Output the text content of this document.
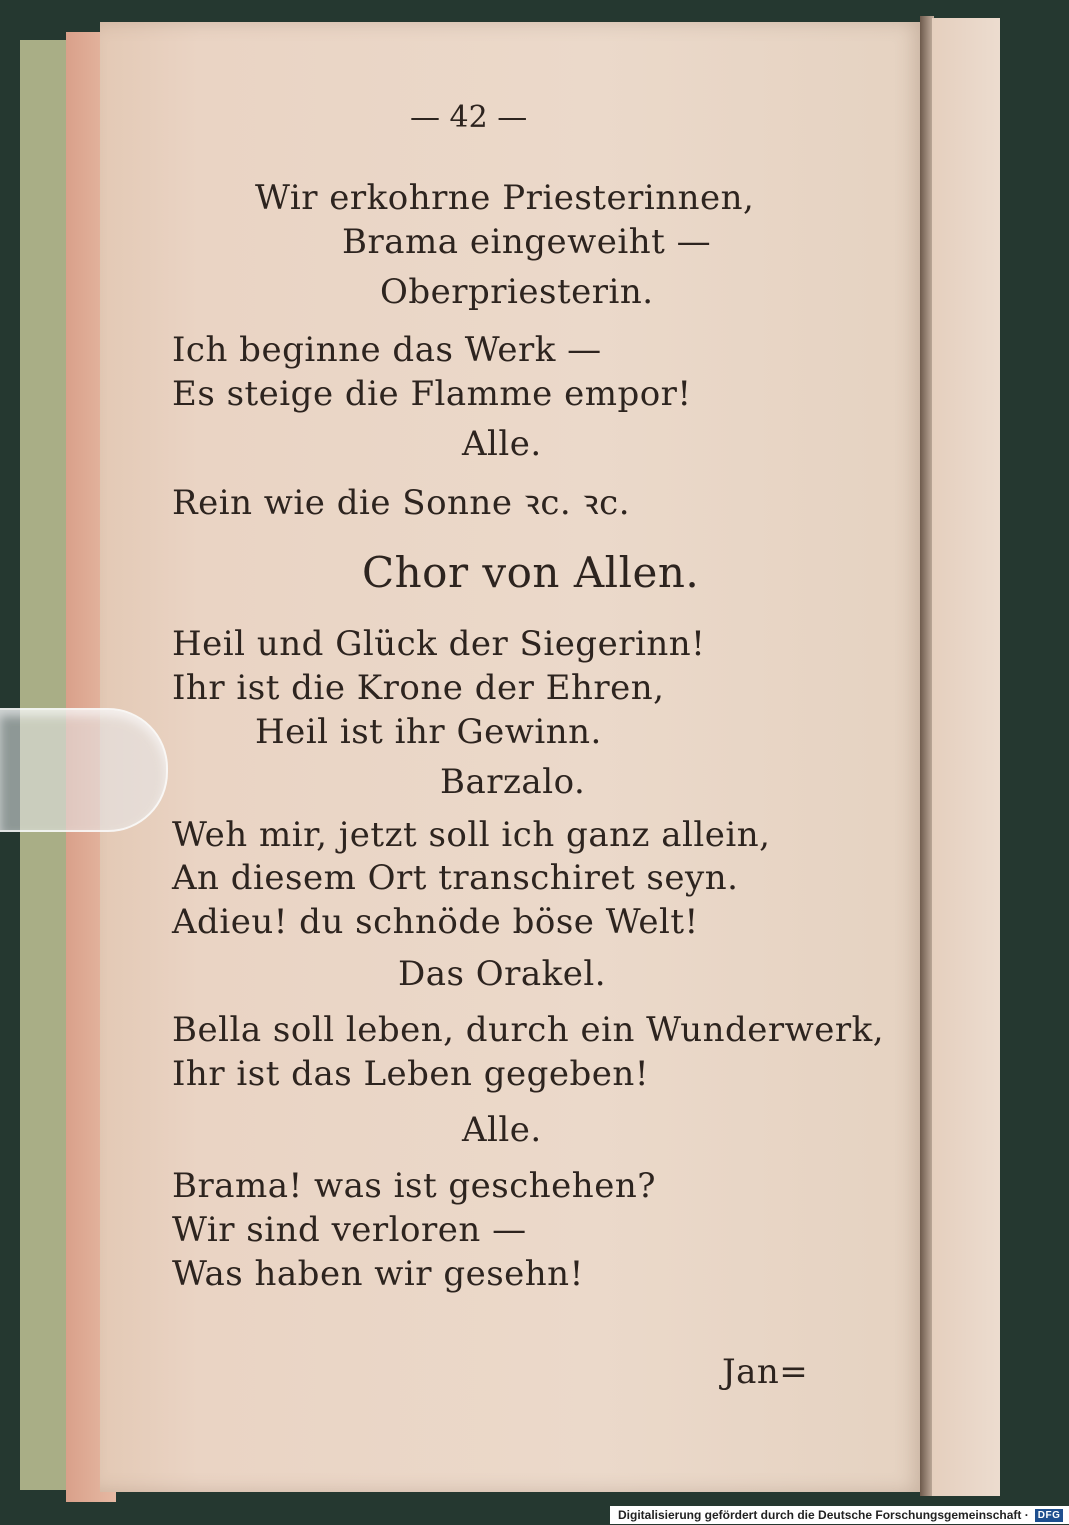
— 42 —
Wir erkohrne Priesterinnen,
Brama eingeweiht —
Oberpriesterin.
Ich beginne das Werk —
Es steige die Flamme empor!
Alle.
Rein wie die Sonne ꝛc. ꝛc.
Chor von Allen.
Heil und Glück der Siegerinn!
Ihr ist die Krone der Ehren,
Heil ist ihr Gewinn.
Barzalo.
Weh mir, jetzt soll ich ganz allein,
An diesem Ort transchiret seyn.
Adieu! du schnöde böse Welt!
Das Orakel.
Bella soll leben, durch ein Wunderwerk,
Ihr ist das Leben gegeben!
Alle.
Brama! was ist geschehen?
Wir sind verloren —
Was haben wir gesehn!
Jan=
Digitalisierung gefördert durch die Deutsche Forschungsgemeinschaft · DFG
